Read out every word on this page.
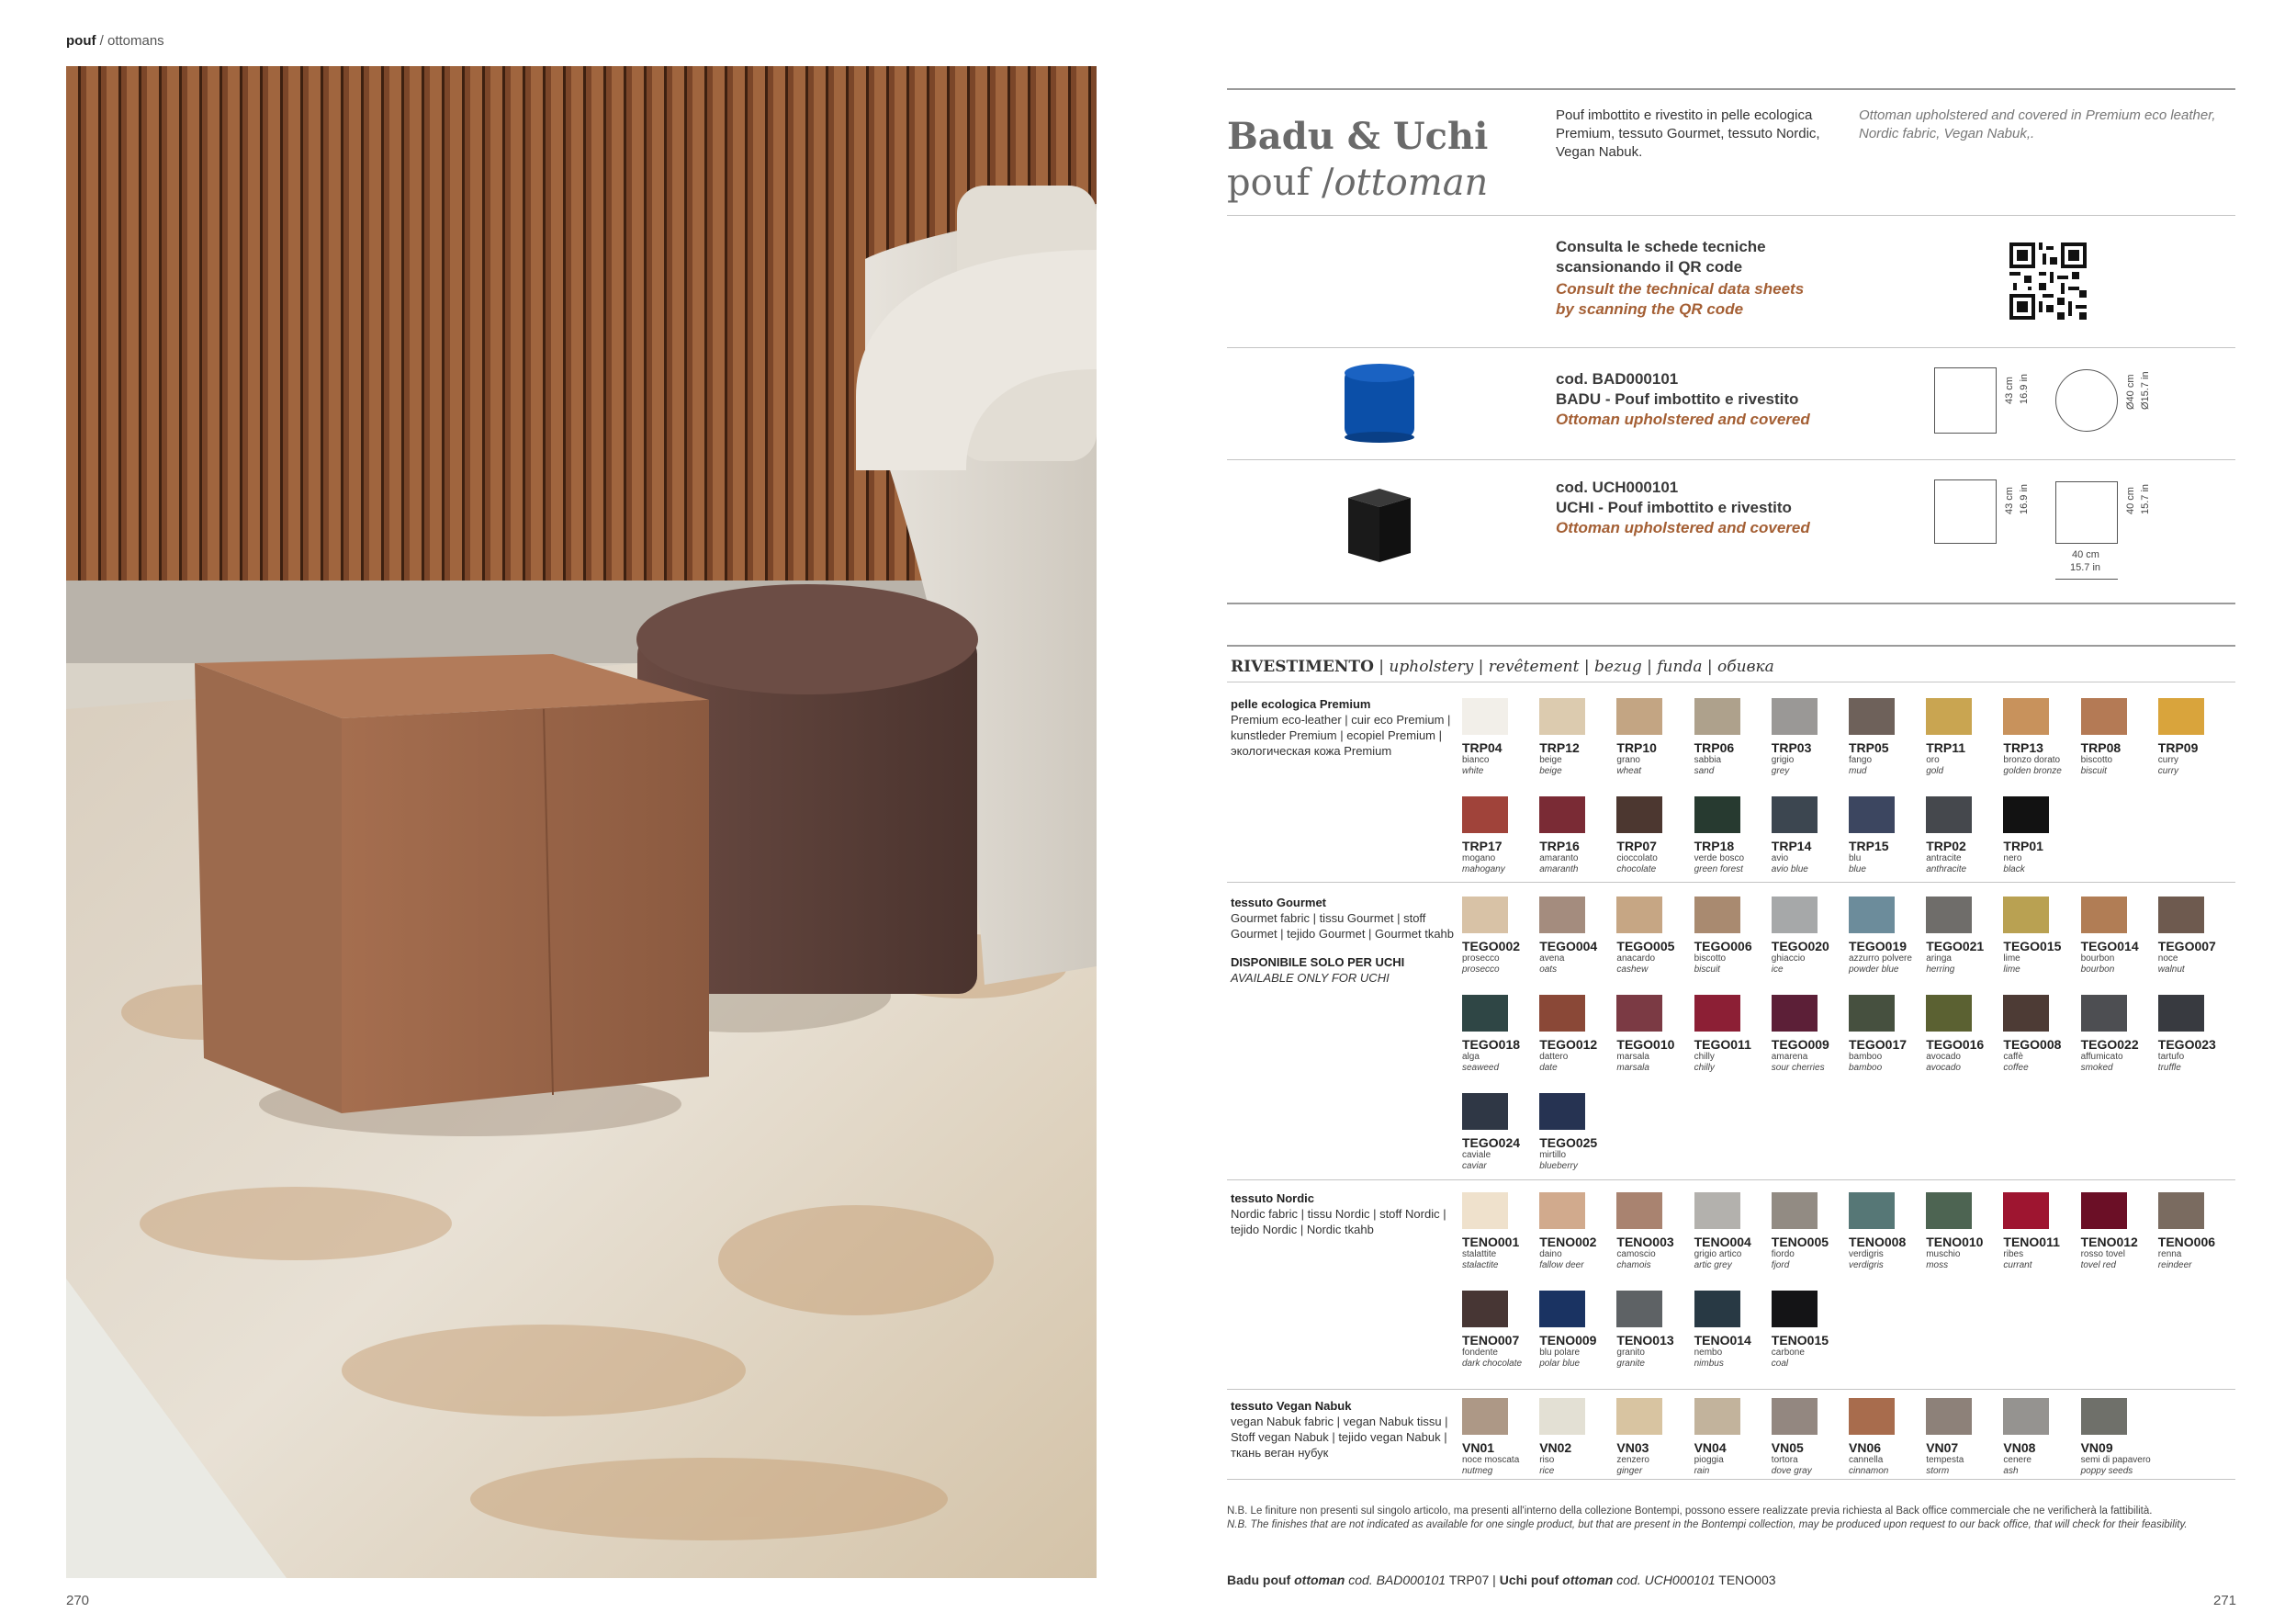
pouf / ottomans
270
Badu & Uchi
pouf /ottoman
Pouf imbottito e rivestito in pelle ecologica Premium, tessuto Gourmet, tessuto Nordic, Vegan Nabuk.
Ottoman upholstered and covered in Premium eco leather, Nordic fabric, Vegan Nabuk,.
Consulta le schede tecniche
scansionando il QR code
Consult the technical data sheets
by scanning the QR code
cod. BAD000101
BADU - Pouf imbottito e rivestito
Ottoman upholstered and covered
43 cm 16.9 in	Ø40 cm Ø15.7 in
cod. UCH000101
UCHI - Pouf imbottito e rivestito
Ottoman upholstered and covered
43 cm 16.9 in	40 cm 15.7 in
40 cm
15.7 in
RIVESTIMENTO | upholstery | revêtement | bezug | funda | обивка
pelle ecologica Premium
Premium eco-leather | cuir eco Premium | kunstleder Premium | ecopiel Premium | экологическая кожа Premium
tessuto Gourmet
Gourmet fabric | tissu Gourmet | stoff Gourmet | tejido Gourmet | Gourmet tkahb
DISPONIBILE SOLO PER UCHI
AVAILABLE ONLY FOR UCHI
tessuto Nordic
Nordic fabric | tissu Nordic | stoff Nordic | tejido Nordic | Nordic tkahb
tessuto Vegan Nabuk
vegan Nabuk fabric | vegan Nabuk tissu | Stoff vegan Nabuk | tejido vegan Nabuk | ткань веган нубук
TRP04
bianco
white
TRP12
beige
beige
TRP10
grano
wheat
TRP06
sabbia
sand
TRP03
grigio
grey
TRP05
fango
mud
TRP11
oro
gold
TRP13
bronzo dorato
golden bronze
TRP08
biscotto
biscuit
TRP09
curry
curry
TRP17
mogano
mahogany
TRP16
amaranto
amaranth
TRP07
cioccolato
chocolate
TRP18
verde bosco
green forest
TRP14
avio
avio blue
TRP15
blu
blue
TRP02
antracite
anthracite
TRP01
nero
black
TEGO002
prosecco
prosecco
TEGO004
avena
oats
TEGO005
anacardo
cashew
TEGO006
biscotto
biscuit
TEGO020
ghiaccio
ice
TEGO019
azzurro polvere
powder blue
TEGO021
aringa
herring
TEGO015
lime
lime
TEGO014
bourbon
bourbon
TEGO007
noce
walnut
TEGO018
alga
seaweed
TEGO012
dattero
date
TEGO010
marsala
marsala
TEGO011
chilly
chilly
TEGO009
amarena
sour cherries
TEGO017
bamboo
bamboo
TEGO016
avocado
avocado
TEGO008
caffè
coffee
TEGO022
affumicato
smoked
TEGO023
tartufo
truffle
TEGO024
caviale
caviar
TEGO025
mirtillo
blueberry
TENO001
stalattite
stalactite
TENO002
daino
fallow deer
TENO003
camoscio
chamois
TENO004
grigio artico
artic grey
TENO005
fiordo
fjord
TENO008
verdigris
verdigris
TENO010
muschio
moss
TENO011
ribes
currant
TENO012
rosso tovel
tovel red
TENO006
renna
reindeer
TENO007
fondente
dark chocolate
TENO009
blu polare
polar blue
TENO013
granito
granite
TENO014
nembo
nimbus
TENO015
carbone
coal
VN01
noce moscata
nutmeg
VN02
riso
rice
VN03
zenzero
ginger
VN04
pioggia
rain
VN05
tortora
dove gray
VN06
cannella
cinnamon
VN07
tempesta
storm
VN08
cenere
ash
VN09
semi di papavero
poppy seeds
N.B. Le finiture non presenti sul singolo articolo, ma presenti all'interno della collezione Bontempi, possono essere realizzate previa richiesta al Back office commerciale che ne verificherà la fattibilità.
N.B. The finishes that are not indicated as available for one single product, but that are present in the Bontempi collection, may be produced upon request to our back office, that will check for their feasibility.
Badu pouf ottoman cod. BAD000101 TRP07 | Uchi pouf ottoman cod. UCH000101 TENO003
271
